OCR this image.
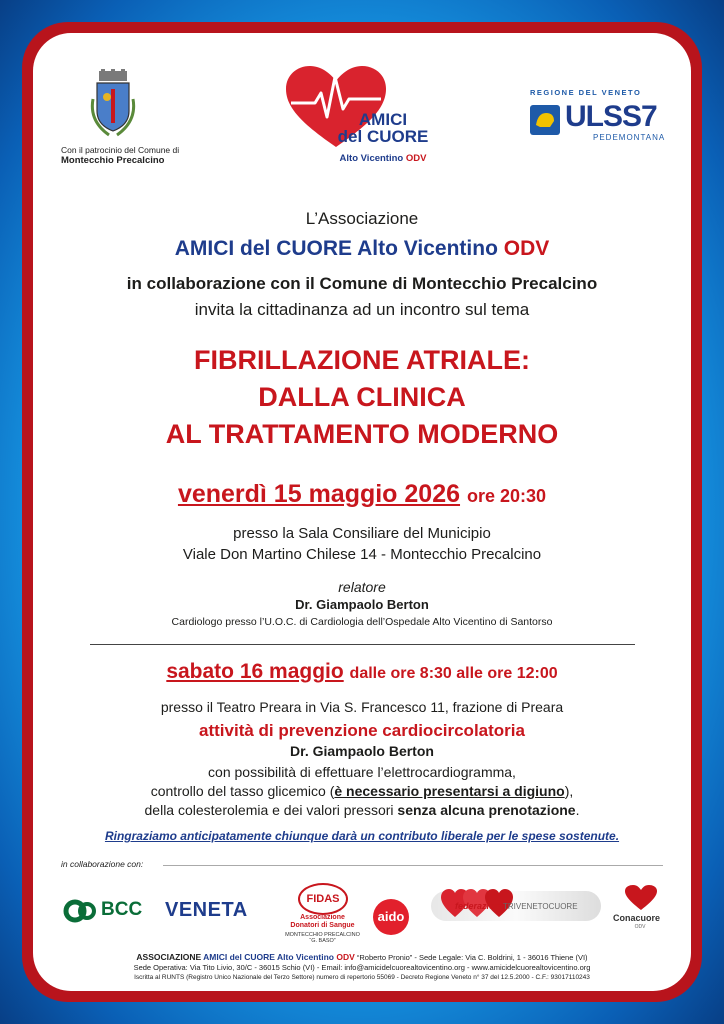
Con il patrocinio del Comune di
Montecchio Precalcino
AMICI
del CUORE
Alto Vicentino ODV
REGIONE DEL VENETO
ULSS7
PEDEMONTANA
L’Associazione
AMICI del CUORE Alto Vicentino ODV
in collaborazione con il Comune di Montecchio Precalcino
invita la cittadinanza ad un incontro sul tema
FIBRILLAZIONE ATRIALE:
DALLA CLINICA
AL TRATTAMENTO MODERNO
venerdì 15 maggio 2026 ore 20:30
presso la Sala Consiliare del Municipio
Viale Don Martino Chilese 14 - Montecchio Precalcino
relatore
Dr. Giampaolo Berton
Cardiologo presso l’U.O.C. di Cardiologia dell’Ospedale Alto Vicentino di Santorso
sabato 16 maggio dalle ore 8:30 alle ore 12:00
presso il Teatro Preara in Via S. Francesco 11, frazione di Preara
attività di prevenzione cardiocircolatoria
Dr. Giampaolo Berton
con possibilità di effettuare l’elettrocardiogramma,
controllo del tasso glicemico (è necessario presentarsi a digiuno),
della colesterolemia e dei valori pressori senza alcuna prenotazione.
Ringraziamo anticipatamente chiunque darà un contributo liberale per le spese sostenute.
in collaborazione con:
BCC VENETA	FIDAS
Associazione
Donatori di Sangue
MONTECCHIO PRECALCINO “G. BASO”
aido
federazione
TRIVENETOCUORE
Conacuore
ODV
ASSOCIAZIONE AMICI del CUORE Alto Vicentino ODV “Roberto Pronio” - Sede Legale: Via C. Boldrini, 1 - 36016 Thiene (VI)
Sede Operativa: Via Tito Livio, 30/C - 36015 Schio (VI) - Email: info@amicidelcuorealtovicentino.org - www.amicidelcuorealtovicentino.org
Iscritta al RUNTS (Registro Unico Nazionale del Terzo Settore) numero di repertorio 55069 - Decreto Regione Veneto n° 37 del 12.5.2000 - C.F.: 93017110243
